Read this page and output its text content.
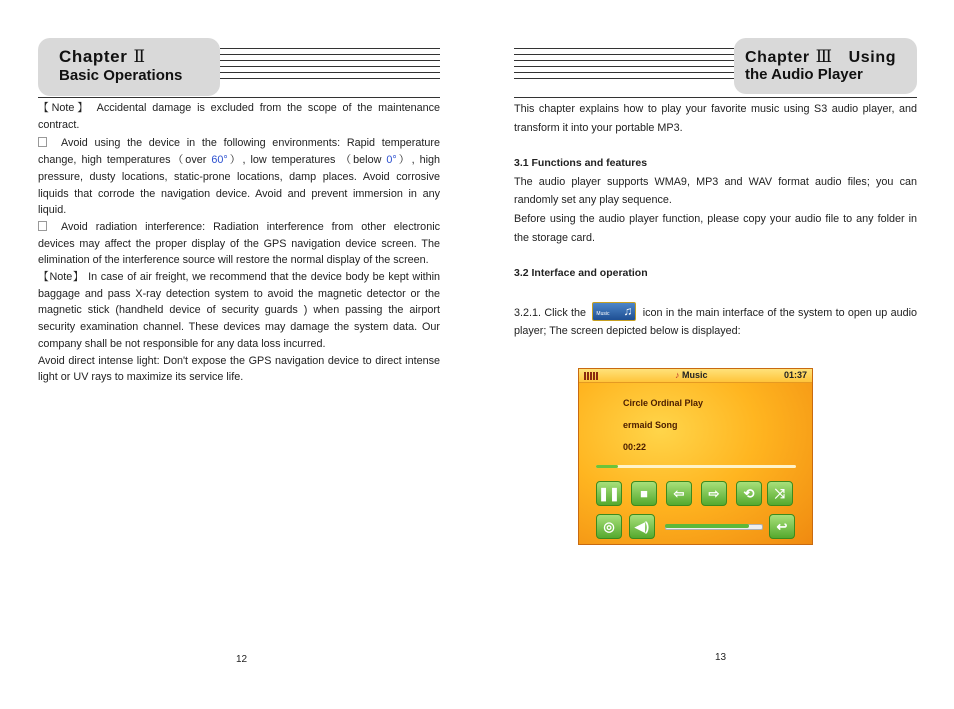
Chapter Ⅱ
Basic Operations

【Note】 Accidental damage is excluded from the scope of the maintenance contract.

Avoid using the device in the following environments: Rapid temperature change, high temperatures（over 60°）, low temperatures （below 0°）, high pressure, dusty locations, static-prone locations, damp places. Avoid corrosive liquids that corrode the navigation device. Avoid and prevent immersion in any liquid.

Avoid radiation interference: Radiation interference from other electronic devices may affect the proper display of the GPS navigation device screen. The elimination of the interference source will restore the normal display of the screen.

【Note】 In case of air freight, we recommend that the device body be kept within baggage and pass X-ray detection system to avoid the magnetic detector or the magnetic stick (handheld device of security guards ) when passing the airport security examination channel. These devices may damage the system data. Our company shall be not responsible for any data loss incurred.

Avoid direct intense light: Don't expose the GPS navigation device to direct intense light or UV rays to maximize its service life.

12
Chapter Ⅲ Using
the Audio Player

This chapter explains how to play your favorite music using S3 audio player, and transform it into your portable MP3.

3.1 Functions and features

The audio player supports WMA9, MP3 and WAV format audio files; you can randomly set any play sequence.

Before using the audio player function, please copy your audio file to any folder in the storage card.

3.2 Interface and operation

3.2.1. Click the Music ♫ icon in the main interface of the system to open up audio player; The screen depicted below is displayed:

♪ Music	01:37
Circle Ordinal Play
ermaid Song
00:22
❚❚	■	⇦	⇨	⟲	⤨
◎	◀)	↩
13
